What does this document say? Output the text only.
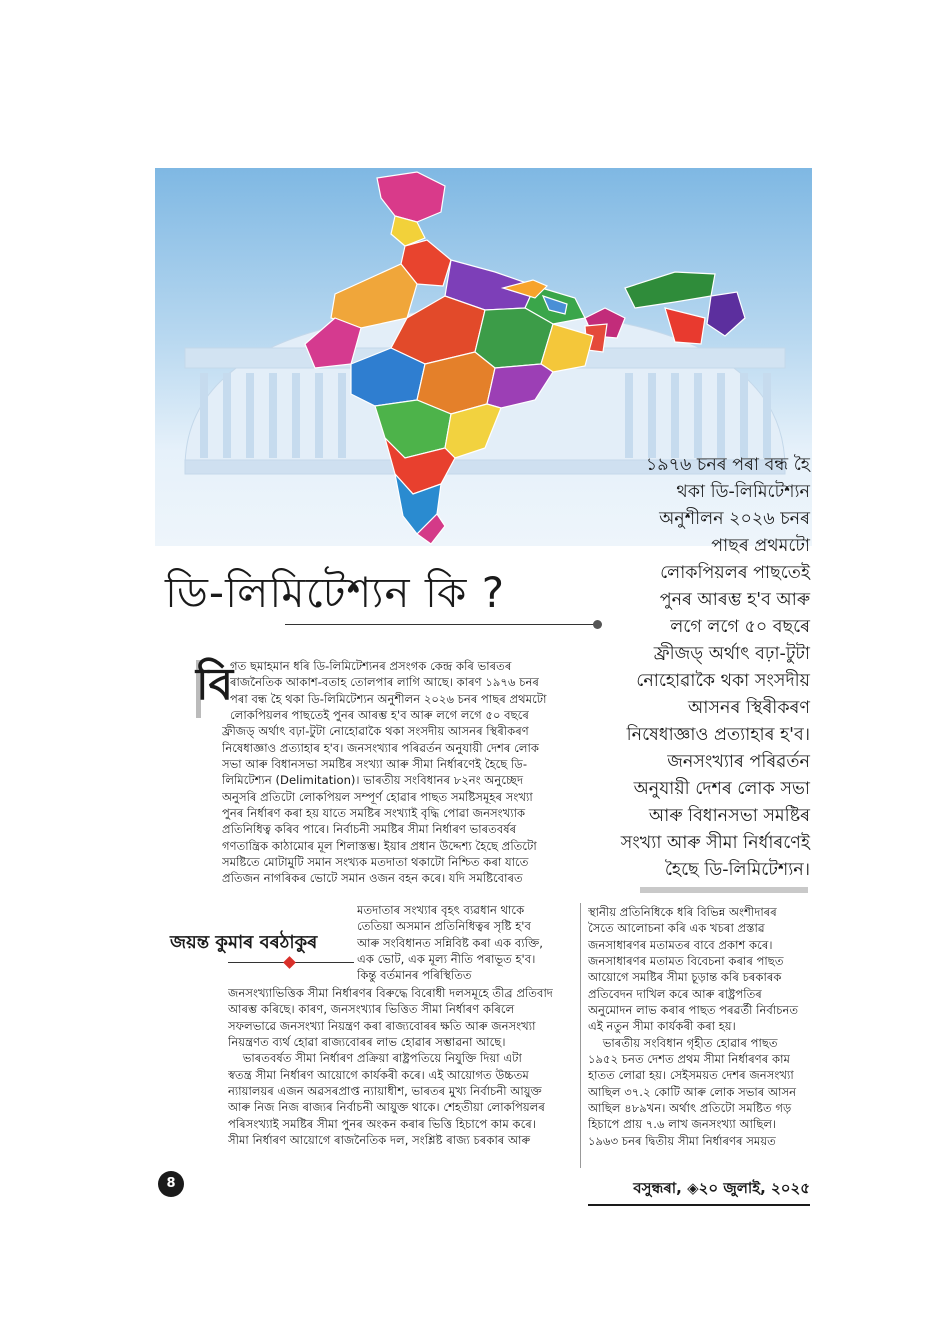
ডি-লিমিটেশ্যন কি ?
১৯৭৬ চনৰ পৰা বন্ধ হৈ
থকা ডি-লিমিটেশ্যন
অনুশীলন ২০২৬ চনৰ
পাছৰ প্ৰথমটো
লোকপিয়লৰ পাছতেই
পুনৰ আৰম্ভ হ'ব আৰু
লগে লগে ৫০ বছৰে
ফ্ৰীজড্ অৰ্থাৎ বঢ়া-টুটা
নোহোৱাকৈ থকা সংসদীয়
আসনৰ স্থিৰীকৰণ
নিষেধাজ্ঞাও প্ৰত্যাহাৰ হ'ব।
জনসংখ্যাৰ পৰিৱৰ্তন
অনুযায়ী দেশৰ লোক সভা
আৰু বিধানসভা সমষ্টিৰ
সংখ্যা আৰু সীমা নিৰ্ধাৰণেই
হৈছে ডি-লিমিটেশ্যন।
বি
গত ছমাহমান ধৰি ডি-লিমিটেশ্যনৰ প্ৰসংগক কেন্দ্ৰ কৰি ভাৰতৰ
ৰাজনৈতিক আকাশ-বতাহ তোলপাৰ লাগি আছে। কাৰণ ১৯৭৬ চনৰ
পৰা বন্ধ হৈ থকা ডি-লিমিটেশ্যন অনুশীলন ২০২৬ চনৰ পাছৰ প্ৰথমটো
লোকপিয়লৰ পাছতেই পুনৰ আৰম্ভ হ'ব আৰু লগে লগে ৫০ বছৰে
ফ্ৰীজড্ অৰ্থাৎ বঢ়া-টুটা নোহোৱাকৈ থকা সংসদীয় আসনৰ স্থিৰীকৰণ
নিষেধাজ্ঞাও প্ৰত্যাহাৰ হ'ব। জনসংখ্যাৰ পৰিৱৰ্তন অনুযায়ী দেশৰ লোক
সভা আৰু বিধানসভা সমষ্টিৰ সংখ্যা আৰু সীমা নিৰ্ধাৰণেই হৈছে ডি-
লিমিটেশ্যন (Delimitation)। ভাৰতীয় সংবিধানৰ ৮২নং অনুচ্ছেদ
অনুসৰি প্ৰতিটো লোকপিয়ল সম্পূৰ্ণ হোৱাৰ পাছত সমষ্টিসমূহৰ সংখ্যা
পুনৰ নিৰ্ধাৰণ কৰা হয় যাতে সমষ্টিৰ সংখ্যাই বৃদ্ধি পোৱা জনসংখ্যাক
প্ৰতিনিধিত্ব কৰিব পাৰে। নিৰ্বাচনী সমষ্টিৰ সীমা নিৰ্ধাৰণ ভাৰতবৰ্ষৰ
গণতান্ত্ৰিক কাঠামোৰ মূল শিলাস্তম্ভ। ইয়াৰ প্ৰধান উদ্দেশ্য হৈছে প্ৰতিটো
সমষ্টিতে মোটামুটি সমান সংখ্যক মতদাতা থকাটো নিশ্চিত কৰা যাতে
প্ৰতিজন নাগৰিকৰ ভোটে সমান ওজন বহন কৰে। যদি সমষ্টিবোৰত
জয়ন্ত কুমাৰ বৰঠাকুৰ
মতদাতাৰ সংখ্যাৰ বৃহৎ ব্যৱধান থাকে
তেতিয়া অসমান প্ৰতিনিধিত্বৰ সৃষ্টি হ'ব
আৰু সংবিধানত সন্নিবিষ্ট কৰা এক ব্যক্তি,
এক ভোট, এক মূল্য নীতি পৰাভূত হ'ব।
কিন্তু বৰ্তমানৰ পৰিস্থিতিত
জনসংখ্যাভিত্তিক সীমা নিৰ্ধাৰণৰ বিৰুদ্ধে বিৰোধী দলসমূহে তীব্ৰ প্ৰতিবাদ
আৰম্ভ কৰিছে। কাৰণ, জনসংখ্যাৰ ভিত্তিত সীমা নিৰ্ধাৰণ কৰিলে
সফলভাৱে জনসংখ্যা নিয়ন্ত্ৰণ কৰা ৰাজ্যবোৰৰ ক্ষতি আৰু জনসংখ্যা
নিয়ন্ত্ৰণত ব্যৰ্থ হোৱা ৰাজ্যবোৰৰ লাভ হোৱাৰ সম্ভাৱনা আছে।
ভাৰতবৰ্ষত সীমা নিৰ্ধাৰণ প্ৰক্ৰিয়া ৰাষ্ট্ৰপতিয়ে নিযুক্তি দিয়া এটা
স্বতন্ত্ৰ সীমা নিৰ্ধাৰণ আয়োগে কাৰ্যকৰী কৰে। এই আয়োগত উচ্চতম
ন্যায়ালয়ৰ এজন অৱসৰপ্ৰাপ্ত ন্যায়াধীশ, ভাৰতৰ মুখ্য নিৰ্বাচনী আয়ুক্ত
আৰু নিজ নিজ ৰাজ্যৰ নিৰ্বাচনী আয়ুক্ত থাকে। শেহতীয়া লোকপিয়লৰ
পৰিসংখ্যাই সমষ্টিৰ সীমা পুনৰ অংকন কৰাৰ ভিত্তি হিচাপে কাম কৰে।
সীমা নিৰ্ধাৰণ আয়োগে ৰাজনৈতিক দল, সংশ্লিষ্ট ৰাজ্য চৰকাৰ আৰু
স্থানীয় প্ৰতিনিধিকে ধৰি বিভিন্ন অংশীদাৰৰ
সৈতে আলোচনা কৰি এক খচৰা প্ৰস্তাৱ
জনসাধাৰণৰ মতামতৰ বাবে প্ৰকাশ কৰে।
জনসাধাৰণৰ মতামত বিবেচনা কৰাৰ পাছত
আয়োগে সমষ্টিৰ সীমা চূড়ান্ত কৰি চৰকাৰক
প্ৰতিবেদন দাখিল কৰে আৰু ৰাষ্ট্ৰপতিৰ
অনুমোদন লাভ কৰাৰ পাছত পৰৱৰ্তী নিৰ্বাচনত
এই নতুন সীমা কাৰ্যকৰী কৰা হয়।
ভাৰতীয় সংবিধান গৃহীত হোৱাৰ পাছত
১৯৫২ চনত দেশত প্ৰথম সীমা নিৰ্ধাৰণৰ কাম
হাতত লোৱা হয়। সেইসময়ত দেশৰ জনসংখ্যা
আছিল ৩৭.২ কোটি আৰু লোক সভাৰ আসন
আছিল ৪৮৯খন। অৰ্থাৎ প্ৰতিটো সমষ্টিত গড়
হিচাপে প্ৰায় ৭.৬ লাখ জনসংখ্যা আছিল।
১৯৬৩ চনৰ দ্বিতীয় সীমা নিৰ্ধাৰণৰ সময়ত
8	বসুন্ধৰা, ◈২০ জুলাই, ২০২৫
